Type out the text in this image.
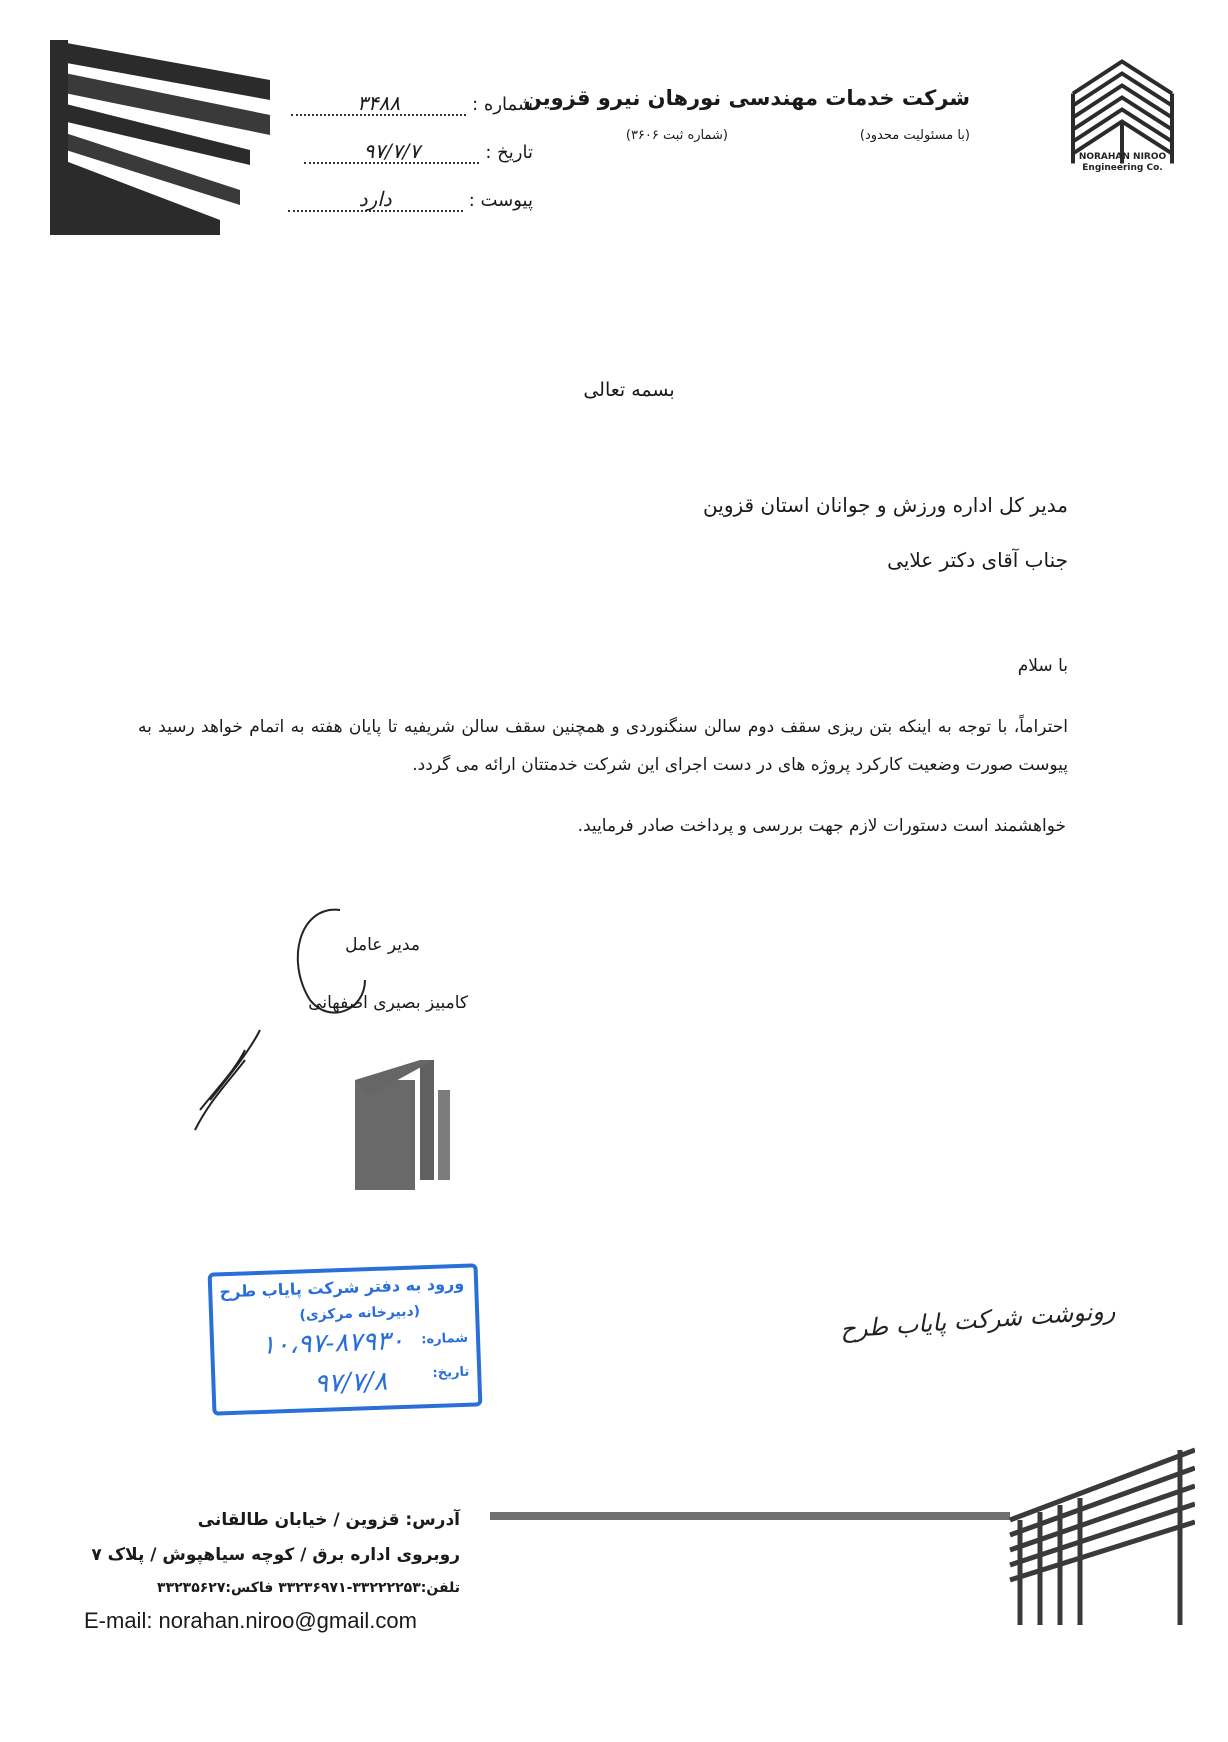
NORAHAN NIROO
Engineering Co.
شرکت خدمات مهندسی نورهان نیرو قزوین
(با مسئولیت محدود)
(شماره ثبت ۳۶۰۶)
شماره :
۳۴۸۸
تاریخ :
۹۷/۷/۷
پیوست :
دارد
بسمه تعالی
مدیر کل اداره ورزش و جوانان استان قزوین
جناب آقای دکتر علایی
با سلام
احتراماً، با توجه به اینکه بتن ریزی سقف دوم سالن سنگنوردی و همچنین سقف سالن شریفیه تا پایان هفته به اتمام خواهد رسید به پیوست صورت وضعیت کارکرد پروژه های در دست اجرای این شرکت خدمتتان ارائه می گردد.
خواهشمند است دستورات لازم جهت بررسی و پرداخت صادر فرمایید.
مدیر عامل
کامبیز بصیری اصفهانی
ورود به دفتر شرکت پایاب طرح
(دبیرخانه مرکزی)
شماره:
۱۰،۹۷-۸۷۹۳۰
تاریخ:
۹۷/۷/۸
رونوشت شرکت پایاب طرح
آدرس: قزوین / خیابان طالقانی
روبروی اداره برق / کوچه سیاهپوش / پلاک ۷
تلفن:۳۳۲۲۲۲۵۳-۳۳۲۳۶۹۷۱ فاکس:۳۳۲۳۵۶۲۷
E-mail: norahan.niroo@gmail.com
